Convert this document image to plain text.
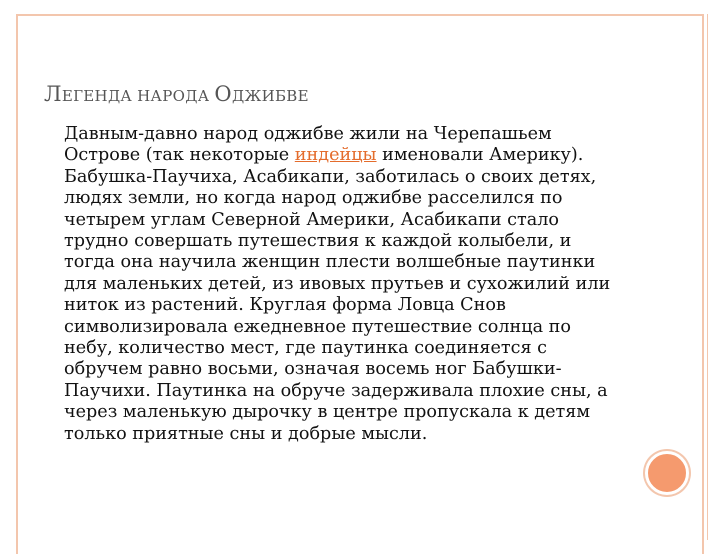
ЛЕГЕНДА НАРОДА ОДЖИБВЕ

Давным-давно народ оджибве жили на Черепашьем Острове (так некоторые индейцы именовали Америку). Бабушка-Паучиха, Асабикапи, заботилась о своих детях, людях земли, но когда народ оджибве расселился по четырем углам Северной Америки, Асабикапи стало трудно совершать путешествия к каждой колыбели, и тогда она научила женщин плести волшебные паутинки для маленьких детей, из ивовых прутьев и сухожилий или ниток из растений. Круглая форма Ловца Снов символизировала ежедневное путешествие солнца по небу, количество мест, где паутинка соединяется с обручем равно восьми, означая восемь ног Бабушки-Паучихи. Паутинка на обруче задерживала плохие сны, а через маленькую дырочку в центре пропускала к детям только приятные сны и добрые мысли.
